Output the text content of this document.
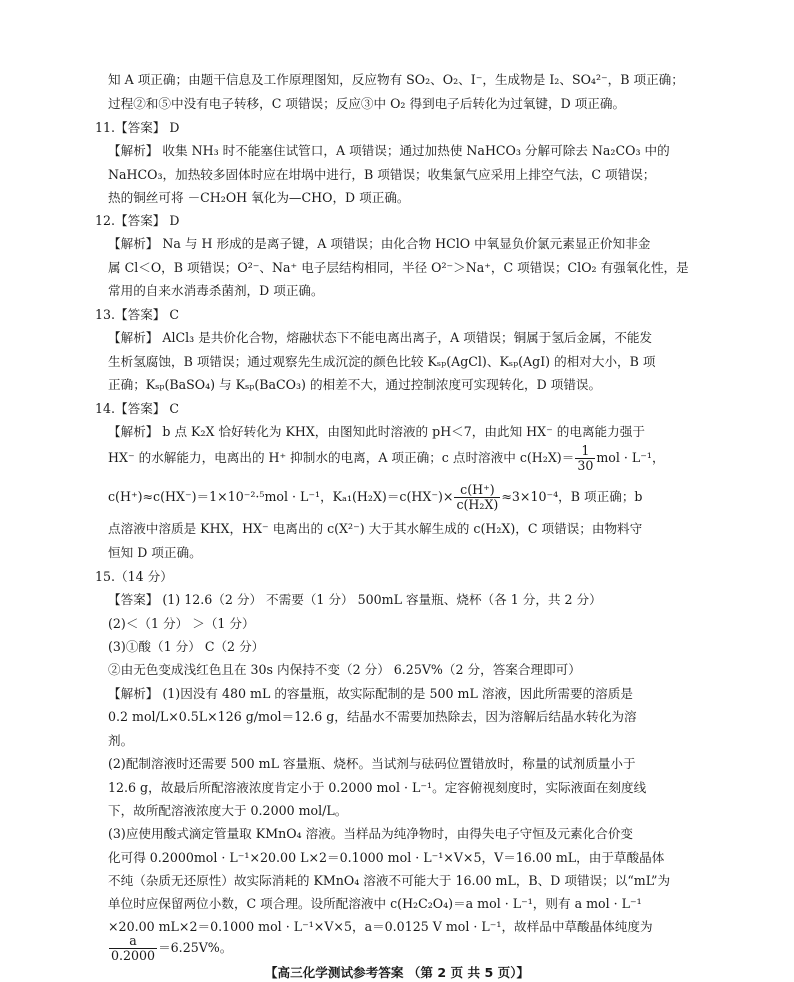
知 A 项正确；由题干信息及工作原理图知，反应物有 SO₂、O₂、I⁻，生成物是 I₂、SO₄²⁻，B 项正确；
过程②和⑤中没有电子转移，C 项错误；反应③中 O₂ 得到电子后转化为过氧键，D 项正确。
11.【答案】 D
【解析】 收集 NH₃ 时不能塞住试管口，A 项错误；通过加热使 NaHCO₃ 分解可除去 Na₂CO₃ 中的
NaHCO₃，加热较多固体时应在坩埚中进行，B 项错误；收集氯气应采用上排空气法，C 项错误；
热的铜丝可将 －CH₂OH 氧化为—CHO，D 项正确。
12.【答案】 D
【解析】 Na 与 H 形成的是离子键，A 项错误；由化合物 HClO 中氧显负价氯元素显正价知非金
属 Cl＜O，B 项错误；O²⁻、Na⁺ 电子层结构相同，半径 O²⁻＞Na⁺，C 项错误；ClO₂ 有强氧化性，是
常用的自来水消毒杀菌剂，D 项正确。
13.【答案】 C
【解析】 AlCl₃ 是共价化合物，熔融状态下不能电离出离子，A 项错误；铜属于氢后金属，不能发
生析氢腐蚀，B 项错误；通过观察先生成沉淀的颜色比较 Kₛₚ(AgCl)、Kₛₚ(AgI) 的相对大小，B 项
正确；Kₛₚ(BaSO₄) 与 Kₛₚ(BaCO₃) 的相差不大，通过控制浓度可实现转化，D 项错误。
14.【答案】 C
【解析】 b 点 K₂X 恰好转化为 KHX，由图知此时溶液的 pH＜7，由此知 HX⁻ 的电离能力强于
HX⁻ 的水解能力，电离出的 H⁺ 抑制水的电离，A 项正确；c 点时溶液中 $c(H_2X)= \frac{1}{30}$ mol · L⁻¹，
c(H⁺)≈c(HX⁻)＝1×10⁻²·⁵mol · L⁻¹，$K_{a1}(H_2X)=c(HX^-)\times \frac{c(H^+)}{\text{c(H₂X)}} \approx 3\times 10^{-4}$，B 项正确；b
点溶液中溶质是 KHX，HX⁻ 电离出的 c(X²⁻) 大于其水解生成的 c(H₂X)，C 项错误；由物料守
恒知 D 项正确。
15.（14 分）
【答案】 (1) 12.6（2 分） 不需要（1 分） 500mL 容量瓶、烧杯（各 1 分，共 2 分）
(2)＜（1 分） ＞（1 分）
(3)①酸（1 分） C（2 分）
②由无色变成浅红色且在 30s 内保持不变（2 分） 6.25V%（2 分，答案合理即可）
【解析】 (1)因没有 480 mL 的容量瓶，故实际配制的是 500 mL 溶液，因此所需要的溶质是
0.2 mol/L×0.5L×126 g/mol＝12.6 g，结晶水不需要加热除去，因为溶解后结晶水转化为溶
剂。
(2)配制溶液时还需要 500 mL 容量瓶、烧杯。当试剂与砝码位置错放时，称量的试剂质量小于
12.6 g，故最后所配溶液浓度肯定小于 0.2000 mol · L⁻¹。定容俯视刻度时，实际液面在刻度线
下，故所配溶液浓度大于 0.2000 mol/L。
(3)应使用酸式滴定管量取 KMnO₄ 溶液。当样品为纯净物时，由得失电子守恒及元素化合价变
化可得 0.2000mol · L⁻¹×20.00 L×2＝0.1000 mol · L⁻¹×V×5，V＝16.00 mL，由于草酸晶体
不纯（杂质无还原性）故实际消耗的 KMnO₄ 溶液不可能大于 16.00 mL，B、D 项错误；以“mL”为
单位时应保留两位小数，C 项合理。设所配溶液中 c(H₂C₂O₄)＝a mol · L⁻¹，则有 a mol · L⁻¹
×20.00 mL×2＝0.1000 mol · L⁻¹×V×5，a＝0.0125 V mol · L⁻¹，故样品中草酸晶体纯度为
【高三化学测试参考答案 （第 2 页 共 5 页）】
$\frac{a}{0.2000} =6.25V\%$。
